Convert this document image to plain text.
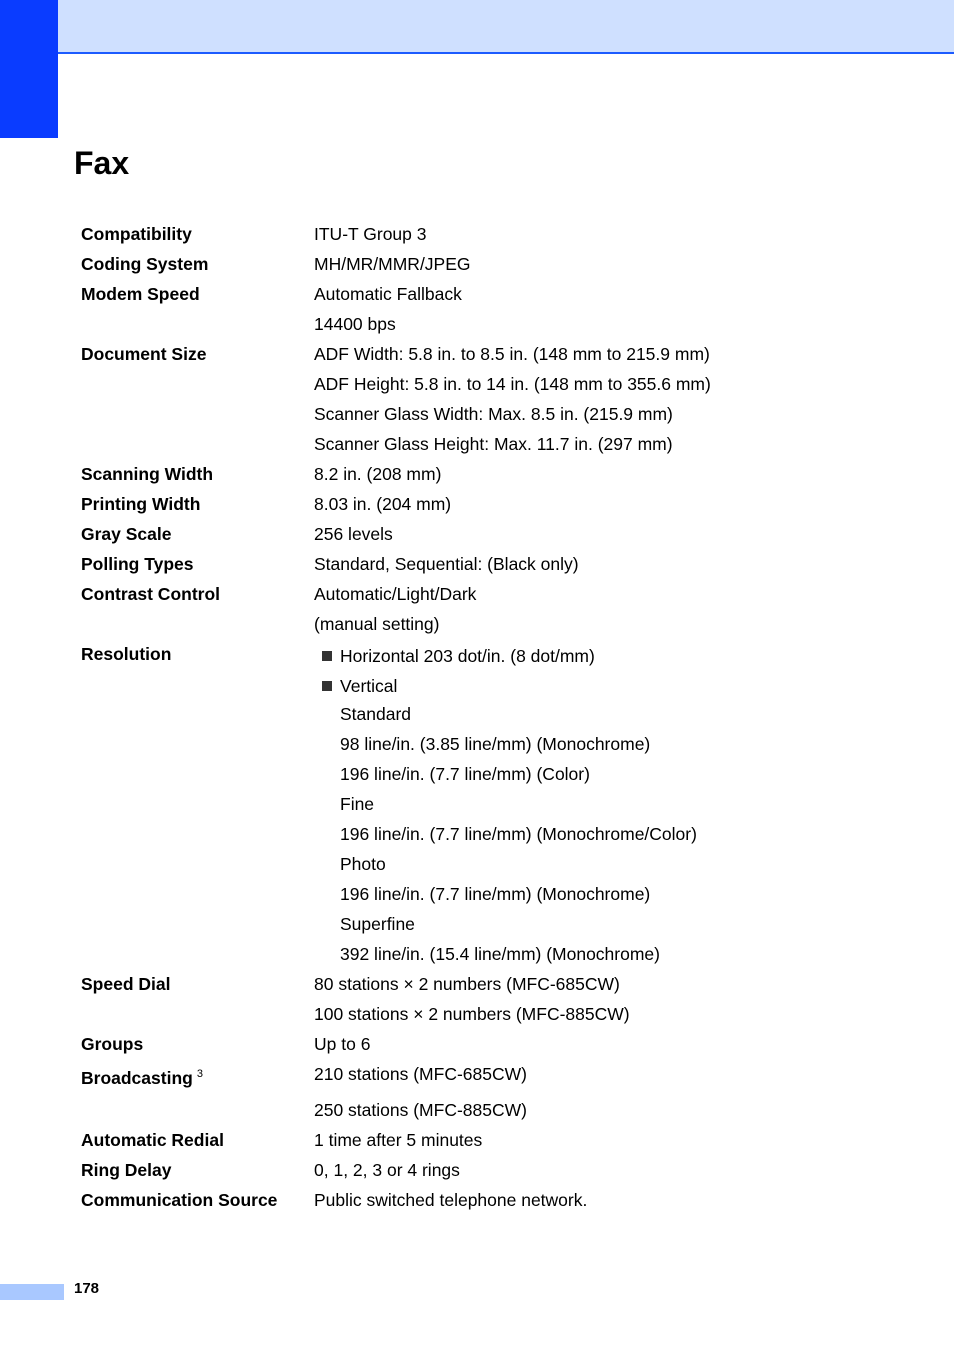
Fax
Compatibility	ITU-T Group 3
Coding System	MH/MR/MMR/JPEG
Modem Speed	Automatic Fallback
14400 bps
Document Size	ADF Width: 5.8 in. to 8.5 in. (148 mm to 215.9 mm)
ADF Height: 5.8 in. to 14 in. (148 mm to 355.6 mm)
Scanner Glass Width: Max. 8.5 in. (215.9 mm)
Scanner Glass Height: Max. 11.7 in. (297 mm)
Scanning Width	8.2 in. (208 mm)
Printing Width	8.03 in. (204 mm)
Gray Scale	256 levels
Polling Types	Standard, Sequential: (Black only)
Contrast Control	Automatic/Light/Dark
(manual setting)
Resolution	Horizontal 203 dot/in. (8 dot/mm)
Vertical
Standard
98 line/in. (3.85 line/mm) (Monochrome)
196 line/in. (7.7 line/mm) (Color)
Fine
196 line/in. (7.7 line/mm) (Monochrome/Color)
Photo
196 line/in. (7.7 line/mm) (Monochrome)
Superfine
392 line/in. (15.4 line/mm) (Monochrome)
Speed Dial	80 stations × 2 numbers (MFC-685CW)
100 stations × 2 numbers (MFC-885CW)
Groups	Up to 6
Broadcasting $^3$	210 stations (MFC-685CW)
250 stations (MFC-885CW)
Automatic Redial	1 time after 5 minutes
Ring Delay	0, 1, 2, 3 or 4 rings
Communication Source	Public switched telephone network.
178
